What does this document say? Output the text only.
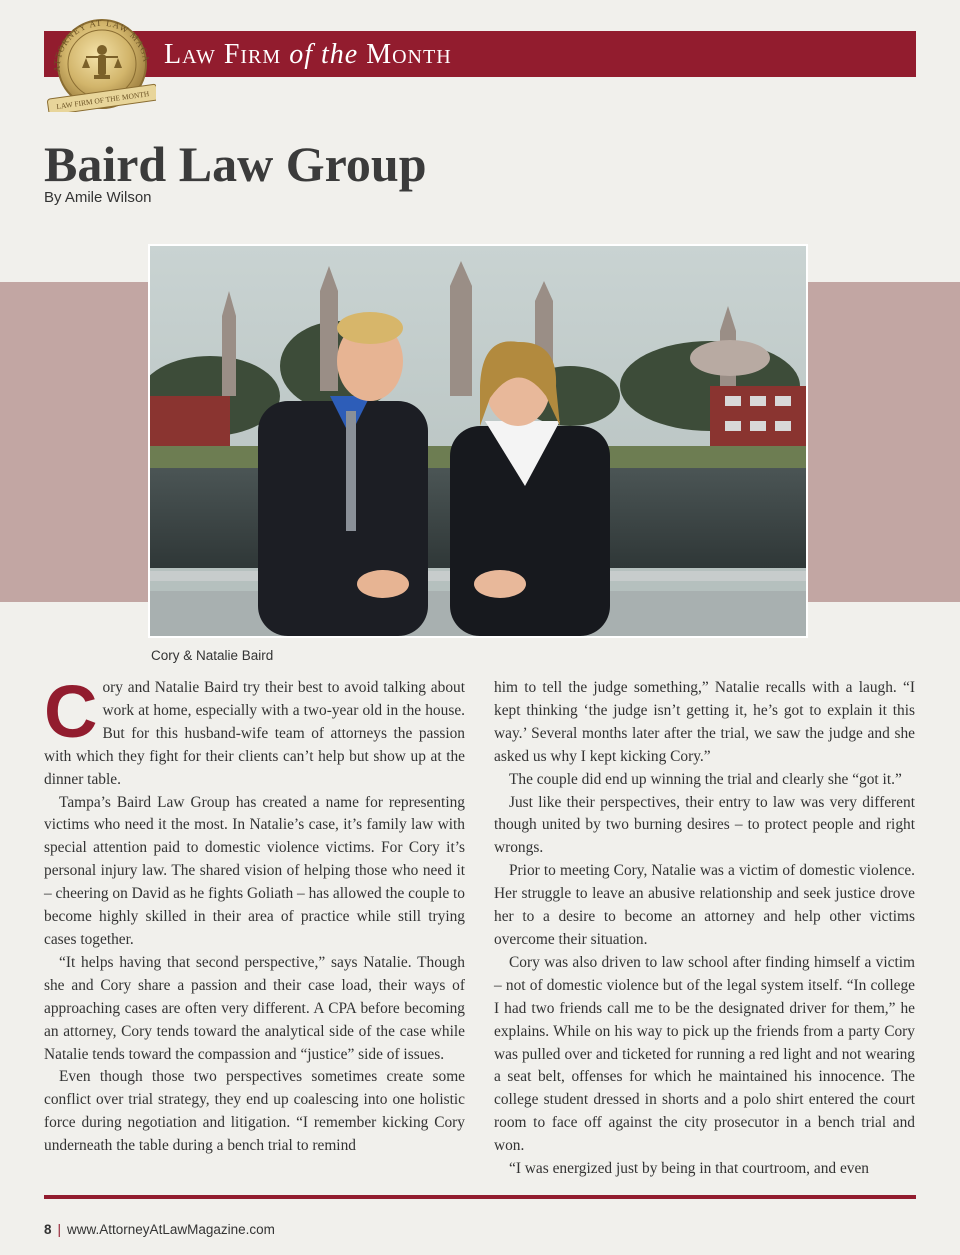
Law Firm of the Month
ATTORNEY AT LAW MAGA
LAW FIRM OF THE MONTH
Baird Law Group
By Amile Wilson
Cory & Natalie Baird

Cory and Natalie Baird try their best to avoid talking about work at home, especially with a two-year old in the house. But for this husband-wife team of attorneys the passion with which they fight for their clients can’t help but show up at the dinner table.

Tampa’s Baird Law Group has created a name for representing victims who need it the most. In Natalie’s case, it’s family law with special attention paid to domestic violence victims. For Cory it’s personal injury law. The shared vision of helping those who need it – cheering on David as he fights Goliath – has allowed the couple to become highly skilled in their area of practice while still trying cases together.

“It helps having that second perspective,” says Natalie. Though she and Cory share a passion and their case load, their ways of approaching cases are often very different. A CPA before becoming an attorney, Cory tends toward the analytical side of the case while Natalie tends toward the compassion and “justice” side of issues.

Even though those two perspectives sometimes create some conflict over trial strategy, they end up coalescing into one holistic force during negotiation and litigation. “I remember kicking Cory underneath the table during a bench trial to remind

him to tell the judge something,” Natalie recalls with a laugh. “I kept thinking ‘the judge isn’t getting it, he’s got to explain it this way.’ Several months later after the trial, we saw the judge and she asked us why I kept kicking Cory.”

The couple did end up winning the trial and clearly she “got it.”

Just like their perspectives, their entry to law was very different though united by two burning desires – to protect people and right wrongs.

Prior to meeting Cory, Natalie was a victim of domestic violence. Her struggle to leave an abusive relationship and seek justice drove her to a desire to become an attorney and help other victims overcome their situation.

Cory was also driven to law school after finding himself a victim – not of domestic violence but of the legal system itself. “In college I had two friends call me to be the designated driver for them,” he explains. While on his way to pick up the friends from a party Cory was pulled over and ticketed for running a red light and not wearing a seat belt, offenses for which he maintained his innocence. The college student dressed in shorts and a polo shirt entered the court room to face off against the city prosecutor in a bench trial and won.

“I was energized just by being in that courtroom, and even

8 | www.AttorneyAtLawMagazine.com
